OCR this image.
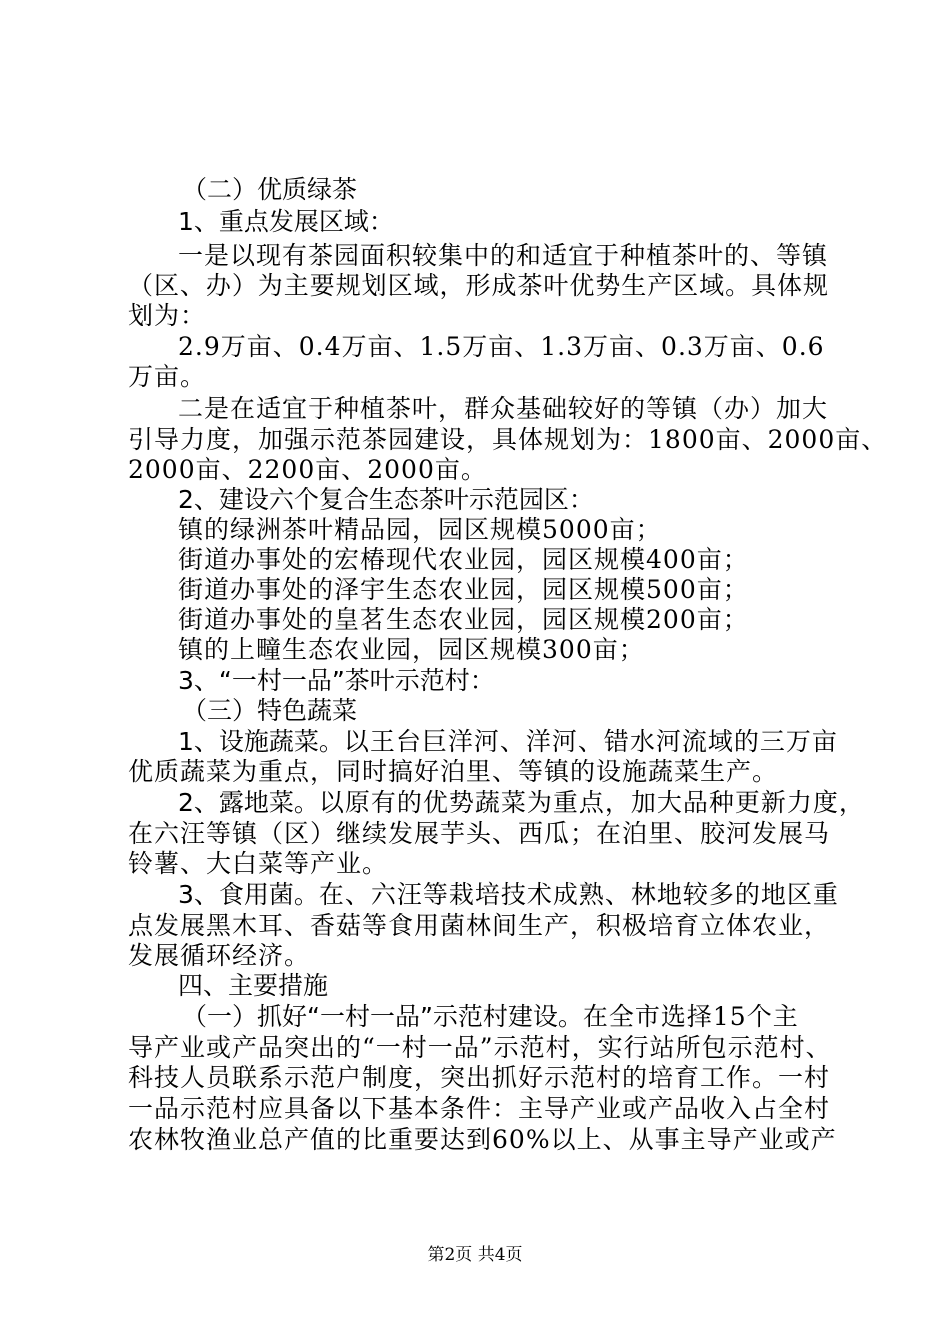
（二）优质绿茶
1、重点发展区域：
一是以现有茶园面积较集中的和适宜于种植茶叶的、等镇
（区、办）为主要规划区域，形成茶叶优势生产区域。具体规
划为：
2.9万亩、0.4万亩、1.5万亩、1.3万亩、0.3万亩、0.6
万亩。
二是在适宜于种植茶叶，群众基础较好的等镇（办）加大
引导力度，加强示范茶园建设，具体规划为：1800亩、2000亩、
2000亩、2200亩、2000亩。
2、建设六个复合生态茶叶示范园区：
镇的绿洲茶叶精品园，园区规模5000亩；
街道办事处的宏椿现代农业园，园区规模400亩；
街道办事处的泽宇生态农业园，园区规模500亩；
街道办事处的皇茗生态农业园，园区规模200亩；
镇的上疃生态农业园，园区规模300亩；
3、“一村一品”茶叶示范村：
（三）特色蔬菜
1、设施蔬菜。以王台巨洋河、洋河、错水河流域的三万亩
优质蔬菜为重点，同时搞好泊里、等镇的设施蔬菜生产。
2、露地菜。以原有的优势蔬菜为重点，加大品种更新力度，
在六汪等镇（区）继续发展芋头、西瓜；在泊里、胶河发展马
铃薯、大白菜等产业。
3、食用菌。在、六汪等栽培技术成熟、林地较多的地区重
点发展黑木耳、香菇等食用菌林间生产，积极培育立体农业，
发展循环经济。
四、主要措施
（一）抓好“一村一品”示范村建设。在全市选择15个主
导产业或产品突出的“一村一品”示范村，实行站所包示范村、
科技人员联系示范户制度，突出抓好示范村的培育工作。一村
一品示范村应具备以下基本条件：主导产业或产品收入占全村
农林牧渔业总产值的比重要达到60%以上、从事主导产业或产
第2页 共4页
